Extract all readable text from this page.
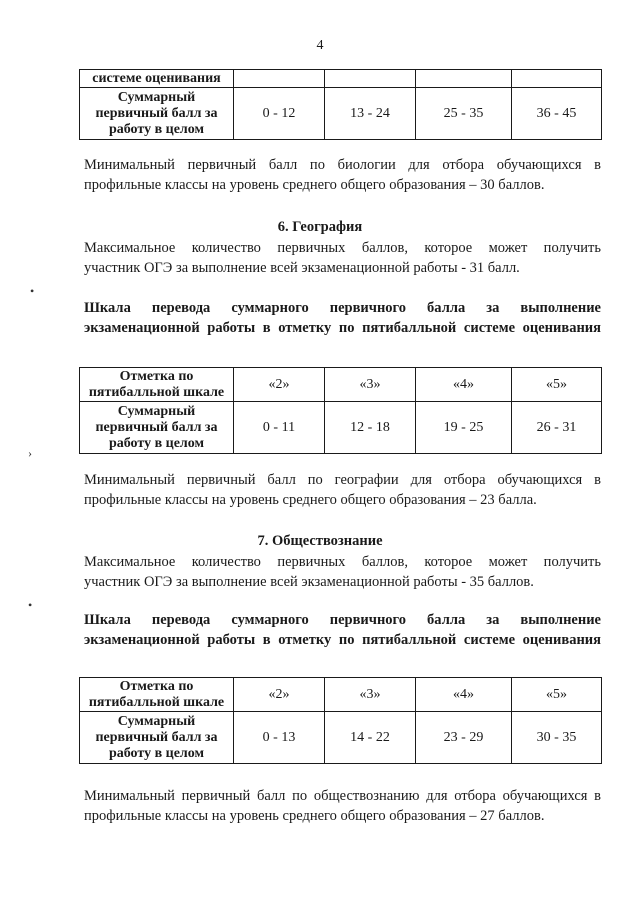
4
системе оценивания				

Суммарный
первичный балл за
работу в целом	0 - 12	13 - 24	25 - 35	36 - 45
Минимальный первичный балл по биологии для отбора обучающихся в
профильные классы на уровень среднего общего образования – 30 баллов.
6. География
Максимальное количество первичных баллов, которое может получить
участник ОГЭ за выполнение всей экзаменационной работы - 31 балл.
•
Шкала перевода суммарного первичного балла за выполнение
экзаменационной работы в отметку по пятибалльной системе оценивания
Отметка по
пятибалльной шкале	«2»	«3»	«4»	«5»

Суммарный
первичный балл за
работу в целом	0 - 11	12 - 18	19 - 25	26 - 31
›
Минимальный первичный балл по географии для отбора обучающихся в
профильные классы на уровень среднего общего образования – 23 балла.
7. Обществознание
Максимальное количество первичных баллов, которое может получить
участник ОГЭ за выполнение всей экзаменационной работы - 35 баллов.
•
Шкала перевода суммарного первичного балла за выполнение
экзаменационной работы в отметку по пятибалльной системе оценивания
Отметка по
пятибалльной шкале	«2»	«3»	«4»	«5»

Суммарный
первичный балл за
работу в целом	0 - 13	14 - 22	23 - 29	30 - 35
Минимальный первичный балл по обществознанию для отбора обучающихся в
профильные классы на уровень среднего общего образования – 27 баллов.
